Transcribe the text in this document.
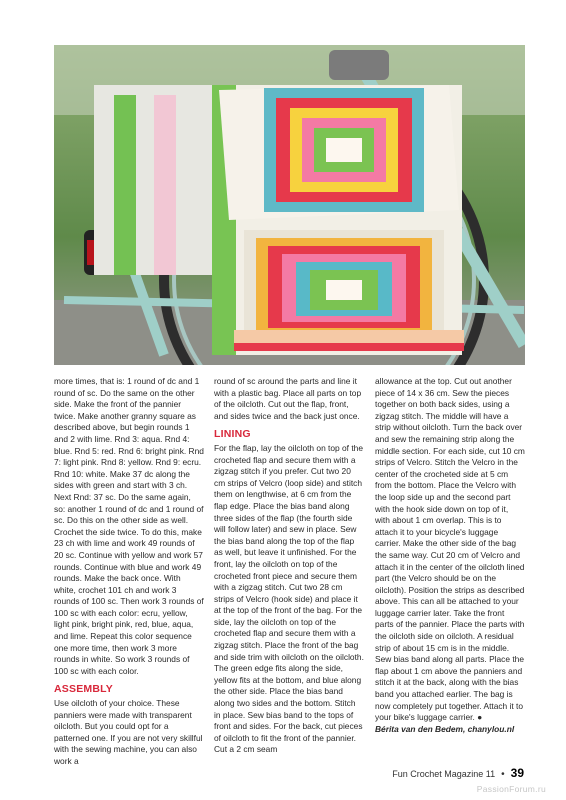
more times, that is: 1 round of dc and 1 round of sc. Do the same on the other side. Make the front of the pannier twice. Make another granny square as described above, but begin rounds 1 and 2 with lime. Rnd 3: aqua. Rnd 4: blue. Rnd 5: red. Rnd 6: bright pink. Rnd 7: light pink. Rnd 8: yellow. Rnd 9: ecru. Rnd 10: white. Make 37 dc along the sides with green and start with 3 ch. Next Rnd: 37 sc. Do the same again, so: another 1 round of dc and 1 round of sc. Do this on the other side as well. Crochet the side twice. To do this, make 23 ch with lime and work 49 rounds of 20 sc. Continue with yellow and work 57 rounds. Continue with blue and work 49 rounds. Make the back once. With white, crochet 101 ch and work 3 rounds of 100 sc. Then work 3 rounds of 100 sc with each color: ecru, yellow, light pink, bright pink, red, blue, aqua, and lime. Repeat this color sequence one more time, then work 3 more rounds in white. So work 3 rounds of 100 sc with each color.

ASSEMBLY

Use oilcloth of your choice. These panniers were made with transparent oilcloth. But you could opt for a patterned one. If you are not very skillful with the sewing machine, you can also work a

round of sc around the parts and line it with a plastic bag. Place all parts on top of the oilcloth. Cut out the flap, front, and sides twice and the back just once.

LINING

For the flap, lay the oilcloth on top of the crocheted flap and secure them with a zigzag stitch if you prefer. Cut two 20 cm strips of Velcro (loop side) and stitch them on lengthwise, at 6 cm from the flap edge. Place the bias band along three sides of the flap (the fourth side will follow later) and sew in place. Sew the bias band along the top of the flap as well, but leave it unfinished. For the front, lay the oilcloth on top of the crocheted front piece and secure them with a zigzag stitch. Cut two 28 cm strips of Velcro (hook side) and place it at the top of the front of the bag. For the side, lay the oilcloth on top of the crocheted flap and secure them with a zigzag stitch. Place the front of the bag and side trim with oilcloth on the oilcloth. The green edge fits along the side, yellow fits at the bottom, and blue along the other side. Place the bias band along two sides and the bottom. Stitch in place. Sew bias band to the tops of front and sides. For the back, cut pieces of oilcloth to fit the front of the pannier. Cut a 2 cm seam

allowance at the top. Cut out another piece of 14 x 36 cm. Sew the pieces together on both back sides, using a zigzag stitch. The middle will have a strip without oilcloth. Turn the back over and sew the remaining strip along the middle section. For each side, cut 10 cm strips of Velcro. Stitch the Velcro in the center of the crocheted side at 5 cm from the bottom. Place the Velcro with the loop side up and the second part with the hook side down on top of it, with about 1 cm overlap. This is to attach it to your bicycle's luggage carrier. Make the other side of the bag the same way. Cut 20 cm of Velcro and attach it in the center of the oilcloth lined part (the Velcro should be on the oilcloth). Position the strips as described above. This can all be attached to your luggage carrier later. Take the front parts of the pannier. Place the parts with the oilcloth side on oilcloth. A residual strip of about 15 cm is in the middle. Sew bias band along all parts. Place the flap about 1 cm above the panniers and stitch it at the back, along with the bias band you attached earlier. The bag is now completely put together. Attach it to your bike's luggage carrier. ●

Bérita van den Bedem, chanylou.nl

Fun Crochet Magazine 11 • 39
PassionForum.ru
